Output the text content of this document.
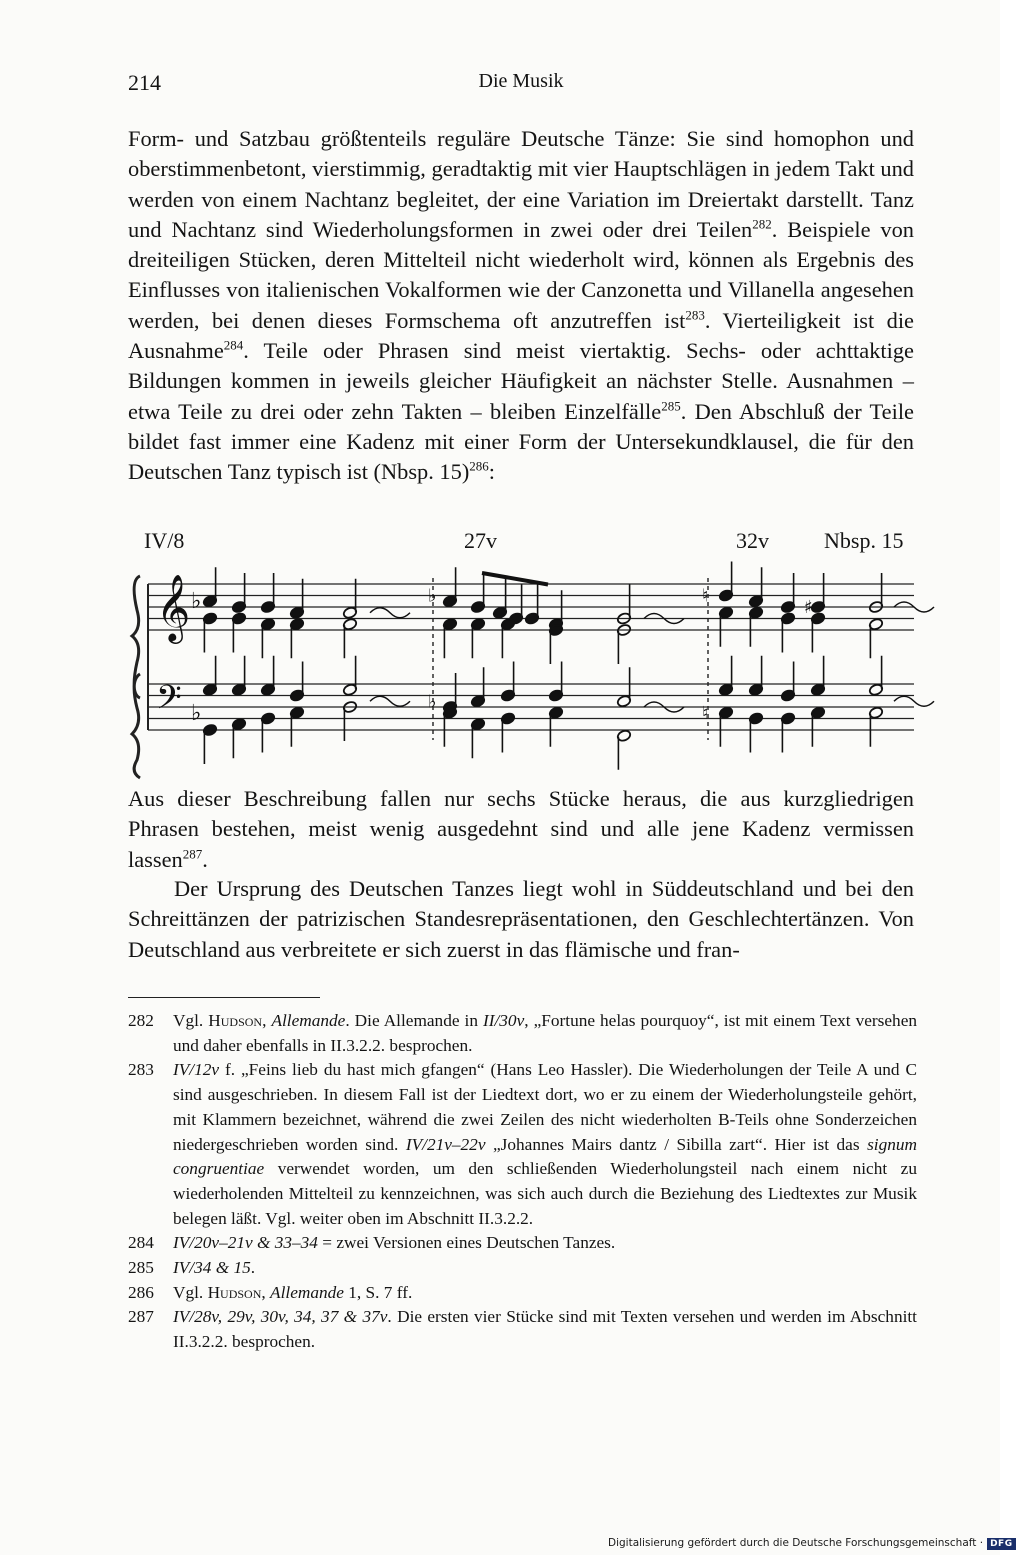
214	Die Musik

Form- und Satzbau größtenteils reguläre Deutsche Tänze: Sie sind homophon und oberstimmenbetont, vierstimmig, geradtaktig mit vier Hauptschlägen in jedem Takt und werden von einem Nachtanz begleitet, der eine Variation im Dreiertakt darstellt. Tanz und Nachtanz sind Wiederholungsformen in zwei oder drei Teilen$^{282}$. Beispiele von dreiteiligen Stücken, deren Mittelteil nicht wiederholt wird, können als Ergebnis des Einflusses von italienischen Vokalformen wie der Canzonetta und Villanella angesehen werden, bei denen dieses Formschema oft anzutreffen ist$^{283}$. Vierteiligkeit ist die Ausnahme$^{284}$. Teile oder Phrasen sind meist viertaktig. Sechs- oder achttaktige Bildungen kommen in jeweils gleicher Häufigkeit an nächster Stelle. Ausnahmen – etwa Teile zu drei oder zehn Takten – bleiben Einzelfälle$^{285}$. Den Abschluß der Teile bildet fast immer eine Kadenz mit einer Form der Untersekundklausel, die für den Deutschen Tanz typisch ist (Nbsp. 15)$^{286}$:

IV/8	27v	32v	Nbsp. 15
𝄞
𝄢
♭
♭
♭
♭
♮
♯
♮

Aus dieser Beschreibung fallen nur sechs Stücke heraus, die aus kurzgliedrigen Phrasen bestehen, meist wenig ausgedehnt sind und alle jene Kadenz vermissen lassen$^{287}$.

Der Ursprung des Deutschen Tanzes liegt wohl in Süddeutschland und bei den Schreittänzen der patrizischen Standesrepräsentationen, den Geschlechtertänzen. Von Deutschland aus verbreitete er sich zuerst in das flämische und fran-

282	Vgl. Hudson, Allemande. Die Allemande in II/30v, „Fortune helas pourquoy“, ist mit einem Text versehen und daher ebenfalls in II.3.2.2. besprochen.
283	IV/12v f. „Feins lieb du hast mich gfangen“ (Hans Leo Hassler). Die Wiederholungen der Teile A und C sind ausgeschrieben. In diesem Fall ist der Liedtext dort, wo er zu einem der Wiederholungsteile gehört, mit Klammern bezeichnet, während die zwei Zeilen des nicht wiederholten B-Teils ohne Sonderzeichen niedergeschrieben worden sind. IV/21v–22v „Johannes Mairs dantz / Sibilla zart“. Hier ist das signum congruentiae verwendet worden, um den schließenden Wiederholungsteil nach einem nicht zu wiederholenden Mittelteil zu kennzeichnen, was sich auch durch die Beziehung des Liedtextes zur Musik belegen läßt. Vgl. weiter oben im Abschnitt II.3.2.2.
284	IV/20v–21v & 33–34 = zwei Versionen eines Deutschen Tanzes.
285	IV/34 & 15.
286	Vgl. Hudson, Allemande 1, S. 7 ff.
287	IV/28v, 29v, 30v, 34, 37 & 37v. Die ersten vier Stücke sind mit Texten versehen und werden im Abschnitt II.3.2.2. besprochen.
Digitalisierung gefördert durch die Deutsche Forschungsgemeinschaft · DFG
